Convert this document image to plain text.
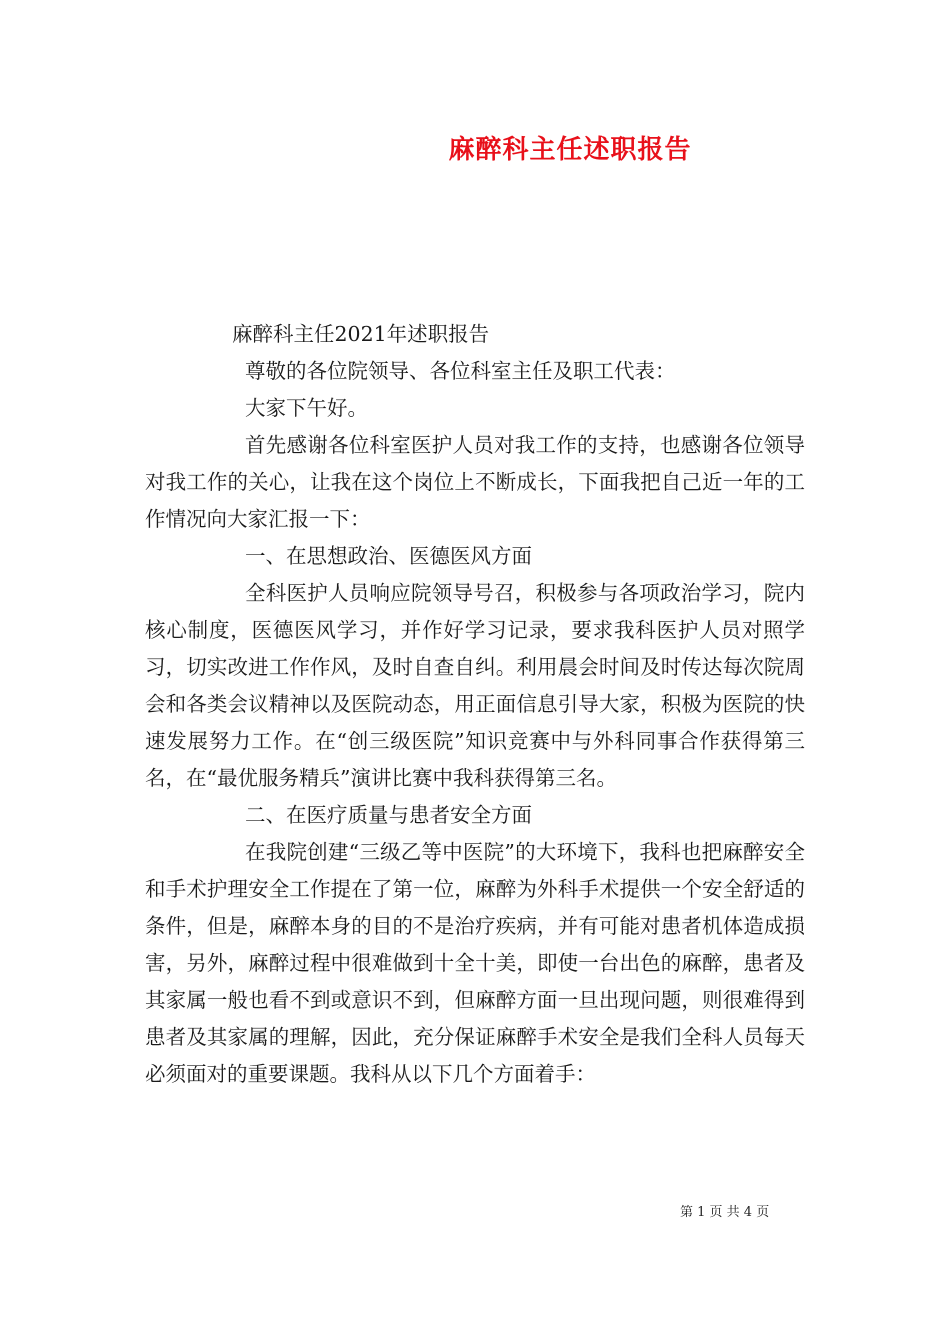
麻醉科主任述职报告

麻醉科主任2021年述职报告

尊敬的各位院领导、各位科室主任及职工代表：

大家下午好。

首先感谢各位科室医护人员对我工作的支持，也感谢各位领导对我工作的关心，让我在这个岗位上不断成长，下面我把自己近一年的工作情况向大家汇报一下：

一、在思想政治、医德医风方面

全科医护人员响应院领导号召，积极参与各项政治学习，院内核心制度，医德医风学习，并作好学习记录，要求我科医护人员对照学习，切实改进工作作风，及时自查自纠。利用晨会时间及时传达每次院周会和各类会议精神以及医院动态，用正面信息引导大家，积极为医院的快速发展努力工作。在“创三级医院”知识竞赛中与外科同事合作获得第三名，在“最优服务精兵”演讲比赛中我科获得第三名。

二、在医疗质量与患者安全方面

在我院创建“三级乙等中医院”的大环境下，我科也把麻醉安全和手术护理安全工作提在了第一位，麻醉为外科手术提供一个安全舒适的条件，但是，麻醉本身的目的不是治疗疾病，并有可能对患者机体造成损害，另外，麻醉过程中很难做到十全十美，即使一台出色的麻醉，患者及其家属一般也看不到或意识不到，但麻醉方面一旦出现问题，则很难得到患者及其家属的理解，因此，充分保证麻醉手术安全是我们全科人员每天必须面对的重要课题。我科从以下几个方面着手：

第 1 页 共 4 页
